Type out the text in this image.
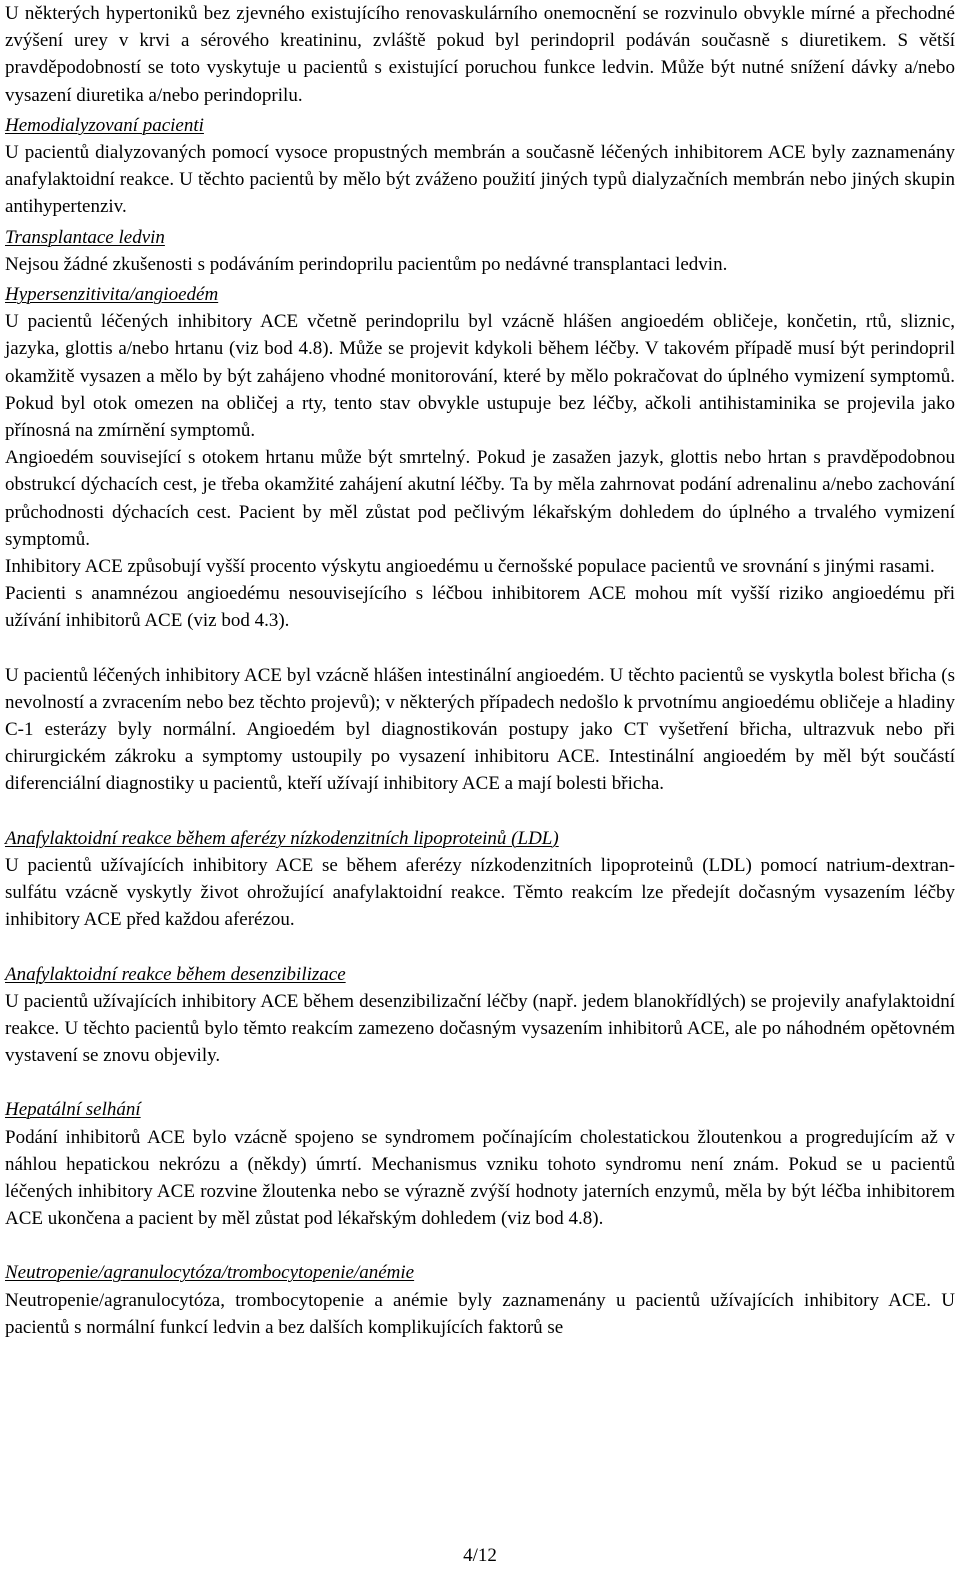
U některých hypertoniků bez zjevného existujícího renovaskulárního onemocnění se rozvinulo obvykle mírné a přechodné zvýšení urey v krvi a sérového kreatininu, zvláště pokud byl perindopril podáván současně s diuretikem. S větší pravděpodobností se toto vyskytuje u pacientů s existující poruchou funkce ledvin. Může být nutné snížení dávky a/nebo vysazení diuretika a/nebo perindoprilu.

Hemodialyzovaní pacienti

U pacientů dialyzovaných pomocí vysoce propustných membrán a současně léčených inhibitorem ACE byly zaznamenány anafylaktoidní reakce. U těchto pacientů by mělo být zváženo použití jiných typů dialyzačních membrán nebo jiných skupin antihypertenziv.

Transplantace ledvin

Nejsou žádné zkušenosti s podáváním perindoprilu pacientům po nedávné transplantaci ledvin.

Hypersenzitivita/angioedém

U pacientů léčených inhibitory ACE včetně perindoprilu byl vzácně hlášen angioedém obličeje, končetin, rtů, sliznic, jazyka, glottis a/nebo hrtanu (viz bod 4.8). Může se projevit kdykoli během léčby. V takovém případě musí být perindopril okamžitě vysazen a mělo by být zahájeno vhodné monitorování, které by mělo pokračovat do úplného vymizení symptomů. Pokud byl otok omezen na obličej a rty, tento stav obvykle ustupuje bez léčby, ačkoli antihistaminika se projevila jako přínosná na zmírnění symptomů.

Angioedém související s otokem hrtanu může být smrtelný. Pokud je zasažen jazyk, glottis nebo hrtan s pravděpodobnou obstrukcí dýchacích cest, je třeba okamžité zahájení akutní léčby. Ta by měla zahrnovat podání adrenalinu a/nebo zachování průchodnosti dýchacích cest. Pacient by měl zůstat pod pečlivým lékařským dohledem do úplného a trvalého vymizení symptomů.

Inhibitory ACE způsobují vyšší procento výskytu angioedému u černošské populace pacientů ve srovnání s jinými rasami.

Pacienti s anamnézou angioedému nesouvisejícího s léčbou inhibitorem ACE mohou mít vyšší riziko angioedému při užívání inhibitorů ACE (viz bod 4.3).

U pacientů léčených inhibitory ACE byl vzácně hlášen intestinální angioedém. U těchto pacientů se vyskytla bolest břicha (s nevolností a zvracením nebo bez těchto projevů); v některých případech nedošlo k prvotnímu angioedému obličeje a hladiny C-1 esterázy byly normální. Angioedém byl diagnostikován postupy jako CT vyšetření břicha, ultrazvuk nebo při chirurgickém zákroku a symptomy ustoupily po vysazení inhibitoru ACE. Intestinální angioedém by měl být součástí diferenciální diagnostiky u pacientů, kteří užívají inhibitory ACE a mají bolesti břicha.

Anafylaktoidní reakce během aferézy nízkodenzitních lipoproteinů (LDL)

U pacientů užívajících inhibitory ACE se během aferézy nízkodenzitních lipoproteinů (LDL) pomocí natrium-dextran-sulfátu vzácně vyskytly život ohrožující anafylaktoidní reakce. Těmto reakcím lze předejít dočasným vysazením léčby inhibitory ACE před každou aferézou.

Anafylaktoidní reakce během desenzibilizace

U pacientů užívajících inhibitory ACE během desenzibilizační léčby (např. jedem blanokřídlých) se projevily anafylaktoidní reakce. U těchto pacientů bylo těmto reakcím zamezeno dočasným vysazením inhibitorů ACE, ale po náhodném opětovném vystavení se znovu objevily.

Hepatální selhání

Podání inhibitorů ACE bylo vzácně spojeno se syndromem počínajícím cholestatickou žloutenkou a progredujícím až v náhlou hepatickou nekrózu a (někdy) úmrtí. Mechanismus vzniku tohoto syndromu není znám. Pokud se u pacientů léčených inhibitory ACE rozvine žloutenka nebo se výrazně zvýší hodnoty jaterních enzymů, měla by být léčba inhibitorem ACE ukončena a pacient by měl zůstat pod lékařským dohledem (viz bod 4.8).

Neutropenie/agranulocytóza/trombocytopenie/anémie

Neutropenie/agranulocytóza, trombocytopenie a anémie byly zaznamenány u pacientů užívajících inhibitory ACE. U pacientů s normální funkcí ledvin a bez dalších komplikujících faktorů se

4/12
